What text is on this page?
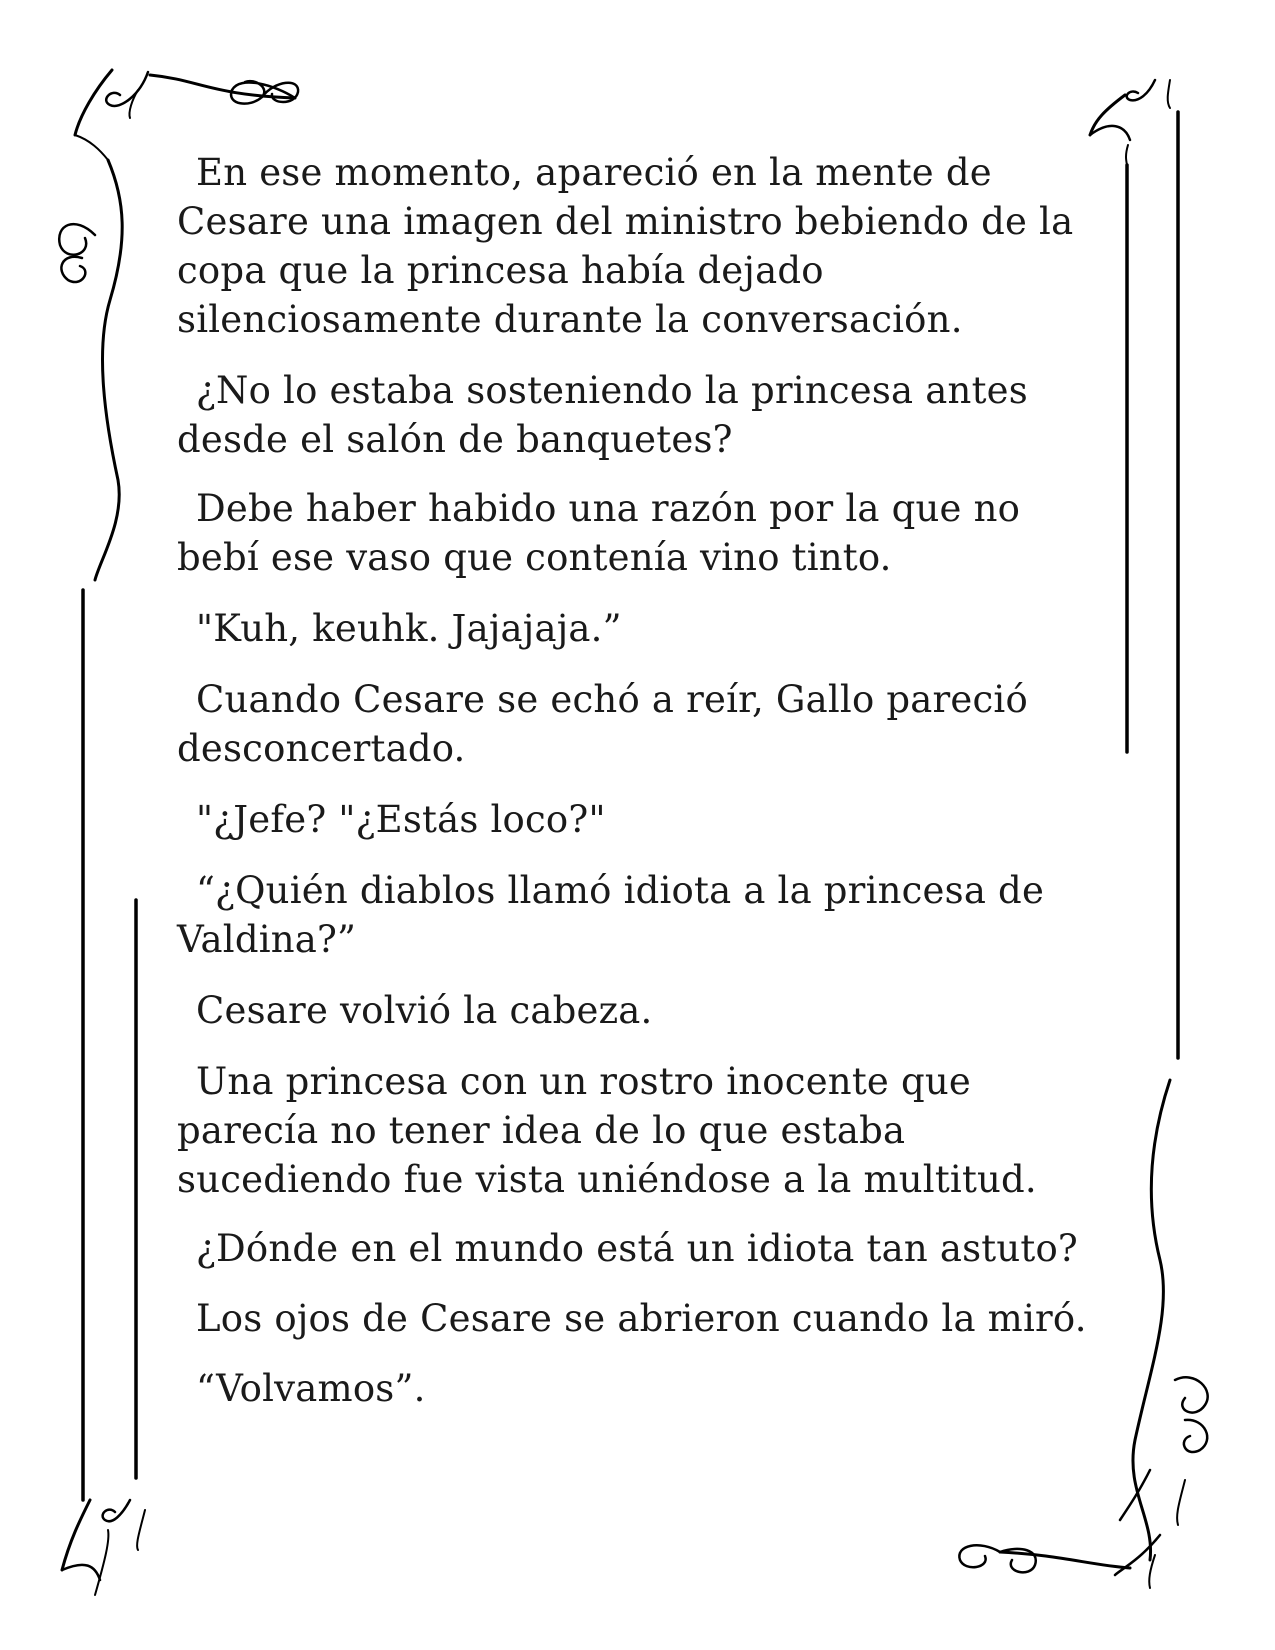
En ese momento, apareció en la mente de
Cesare una imagen del ministro bebiendo de la
copa que la princesa había dejado
silenciosamente durante la conversación.
¿No lo estaba sosteniendo la princesa antes
desde el salón de banquetes?
Debe haber habido una razón por la que no
bebí ese vaso que contenía vino tinto.
"Kuh, keuhk. Jajajaja.”
Cuando Cesare se echó a reír, Gallo pareció
desconcertado.
"¿Jefe? "¿Estás loco?"
“¿Quién diablos llamó idiota a la princesa de
Valdina?”
Cesare volvió la cabeza.
Una princesa con un rostro inocente que
parecía no tener idea de lo que estaba
sucediendo fue vista uniéndose a la multitud.
¿Dónde en el mundo está un idiota tan astuto?
Los ojos de Cesare se abrieron cuando la miró.
“Volvamos”.
